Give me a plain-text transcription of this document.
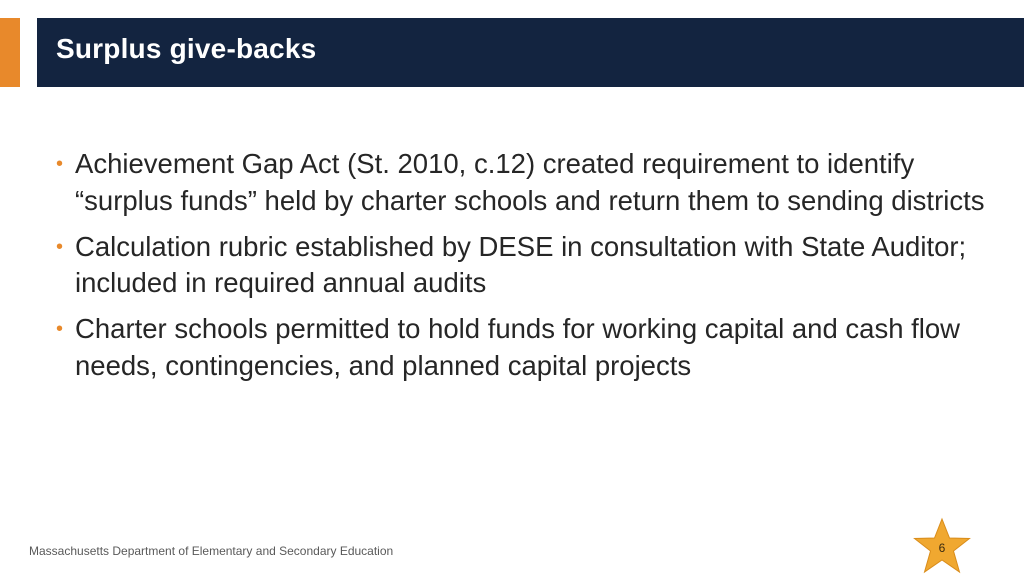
Surplus give-backs
• Achievement Gap Act (St. 2010, c.12) created requirement to identify “surplus funds” held by charter schools and return them to sending districts
• Calculation rubric established by DESE in consultation with State Auditor; included in required annual audits
• Charter schools permitted to hold funds for working capital and cash flow needs, contingencies, and planned capital projects
Massachusetts Department of Elementary and Secondary Education	6
